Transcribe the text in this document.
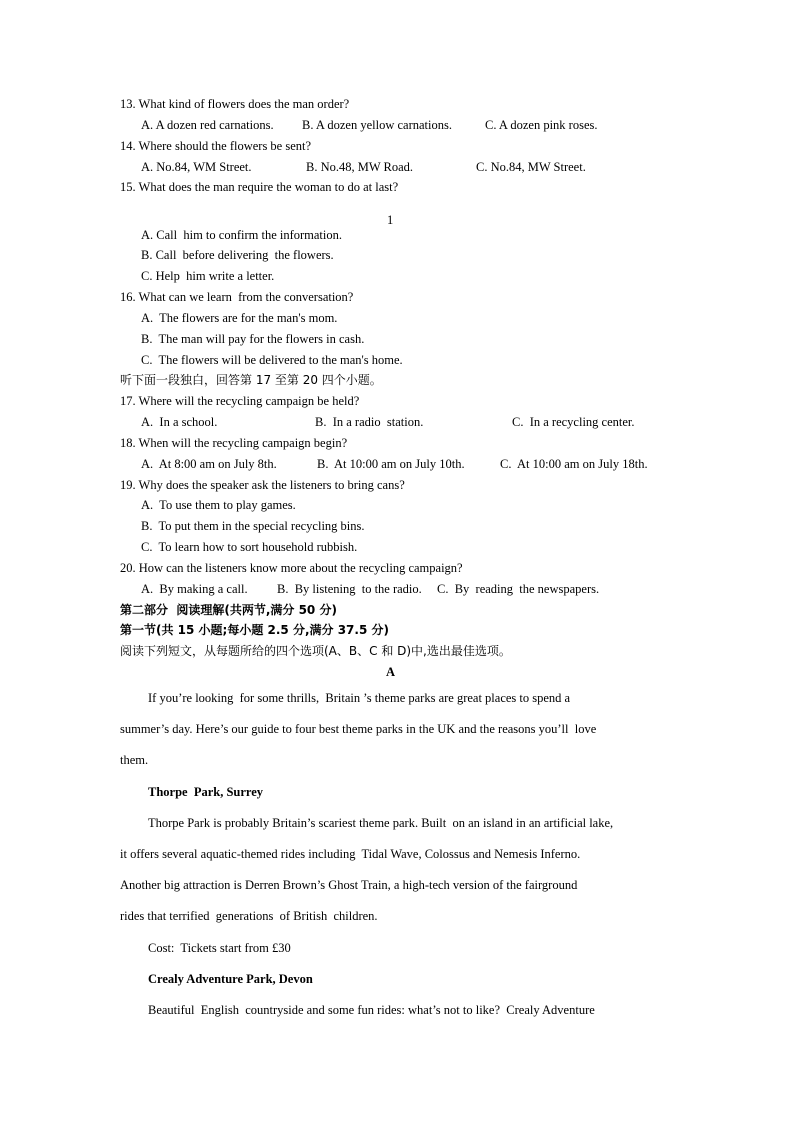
13. What kind of flowers does the man order?
A. A dozen red carnations. B. A dozen yellow carnations.	C. A dozen pink roses.
14. Where should the flowers be sent?
A. No.84, WM Street.	B. No.48, MW Road.	C. No.84, MW Street.
15. What does the man require the woman to do at last?
1
A. Call  him to confirm the information.
B. Call  before delivering  the flowers.
C. Help  him write a letter.
16. What can we learn  from the conversation?
A.  The flowers are for the man's mom.
B.  The man will pay for the flowers in cash.
C.  The flowers will be delivered to the man's home.
听下面一段独白，回答第 17 至第 20 四个小题。
17. Where will the recycling campaign be held?
A.  In a school.	B.  In a radio  station.	C.  In a recycling center.
18. When will the recycling campaign begin?
A.  At 8:00 am on July 8th.	B.  At 10:00 am on July 10th.	C.  At 10:00 am on July 18th.
19. Why does the speaker ask the listeners to bring cans?
A.  To use them to play games.
B.  To put them in the special recycling bins.
C.  To learn how to sort household rubbish.
20. How can the listeners know more about the recycling campaign?
A.  By making a call. B.  By listening  to the radio. C.  By  reading  the newspapers.
第二部分  阅读理解(共两节,满分 50 分)
第一节(共 15 小题;每小题 2.5 分,满分 37.5 分)
阅读下列短文，从每题所给的四个选项(A、B、C 和 D)中,选出最佳选项。
A
If you’re looking  for some thrills,  Britain ’s theme parks are great places to spend a
summer’s day. Here’s our guide to four best theme parks in the UK and the reasons you’ll  love
them.
Thorpe  Park, Surrey
Thorpe Park is probably Britain’s scariest theme park. Built  on an island in an artificial lake,
it offers several aquatic-themed rides including  Tidal Wave, Colossus and Nemesis Inferno.
Another big attraction is Derren Brown’s Ghost Train, a high-tech version of the fairground
rides that terrified  generations  of British  children.
Cost:  Tickets start from £30
Crealy Adventure Park, Devon
Beautiful  English  countryside and some fun rides: what’s not to like?  Crealy Adventure
